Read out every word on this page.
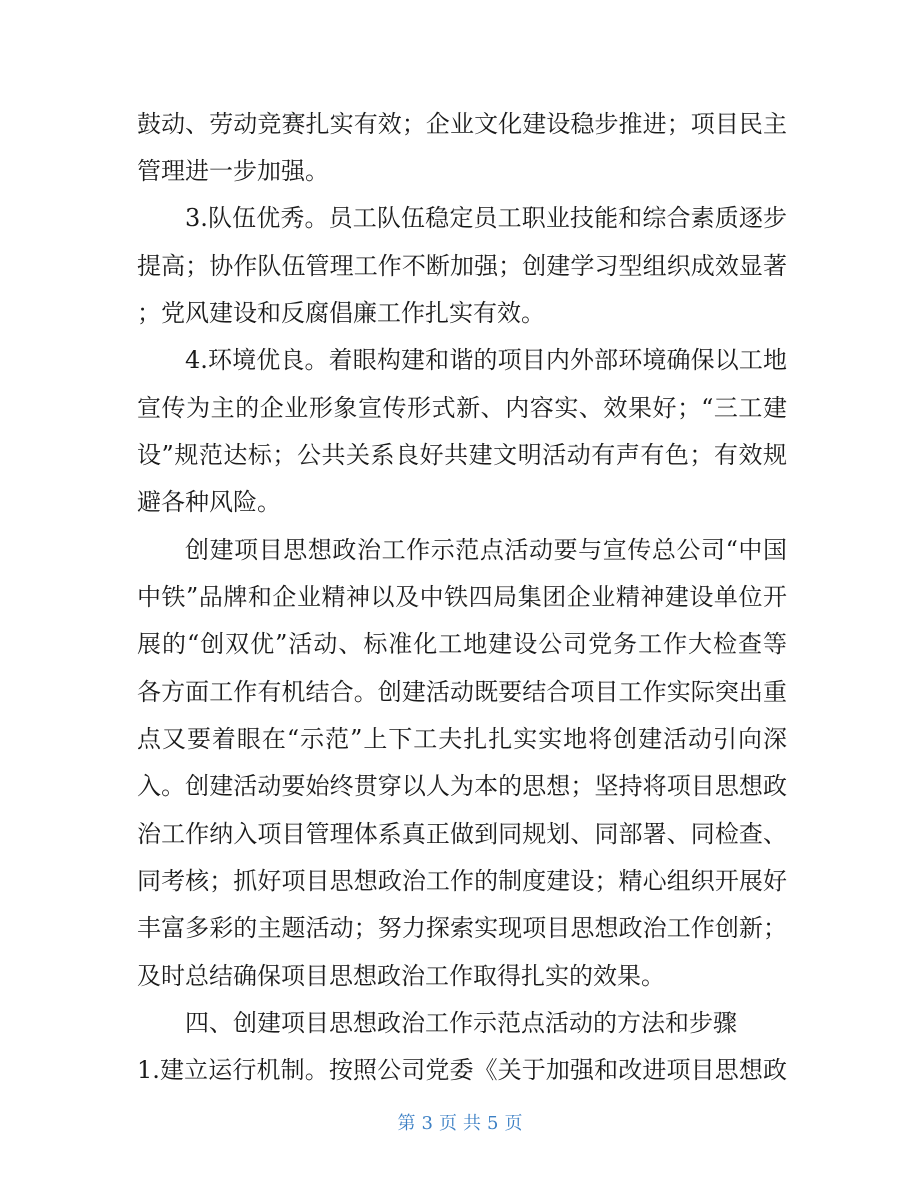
鼓动、劳动竞赛扎实有效；企业文化建设稳步推进；项目民主
管理进一步加强。
3.队伍优秀。员工队伍稳定员工职业技能和综合素质逐步
提高；协作队伍管理工作不断加强；创建学习型组织成效显著
；党风建设和反腐倡廉工作扎实有效。
4.环境优良。着眼构建和谐的项目内外部环境确保以工地
宣传为主的企业形象宣传形式新、内容实、效果好；“三工建
设”规范达标；公共关系良好共建文明活动有声有色；有效规
避各种风险。
创建项目思想政治工作示范点活动要与宣传总公司“中国
中铁”品牌和企业精神以及中铁四局集团企业精神建设单位开
展的“创双优”活动、标准化工地建设公司党务工作大检查等
各方面工作有机结合。创建活动既要结合项目工作实际突出重
点又要着眼在“示范”上下工夫扎扎实实地将创建活动引向深
入。创建活动要始终贯穿以人为本的思想；坚持将项目思想政
治工作纳入项目管理体系真正做到同规划、同部署、同检查、
同考核；抓好项目思想政治工作的制度建设；精心组织开展好
丰富多彩的主题活动；努力探索实现项目思想政治工作创新；
及时总结确保项目思想政治工作取得扎实的效果。
四、创建项目思想政治工作示范点活动的方法和步骤
1.建立运行机制。按照公司党委《关于加强和改进项目思想政
第 3 页 共 5 页
